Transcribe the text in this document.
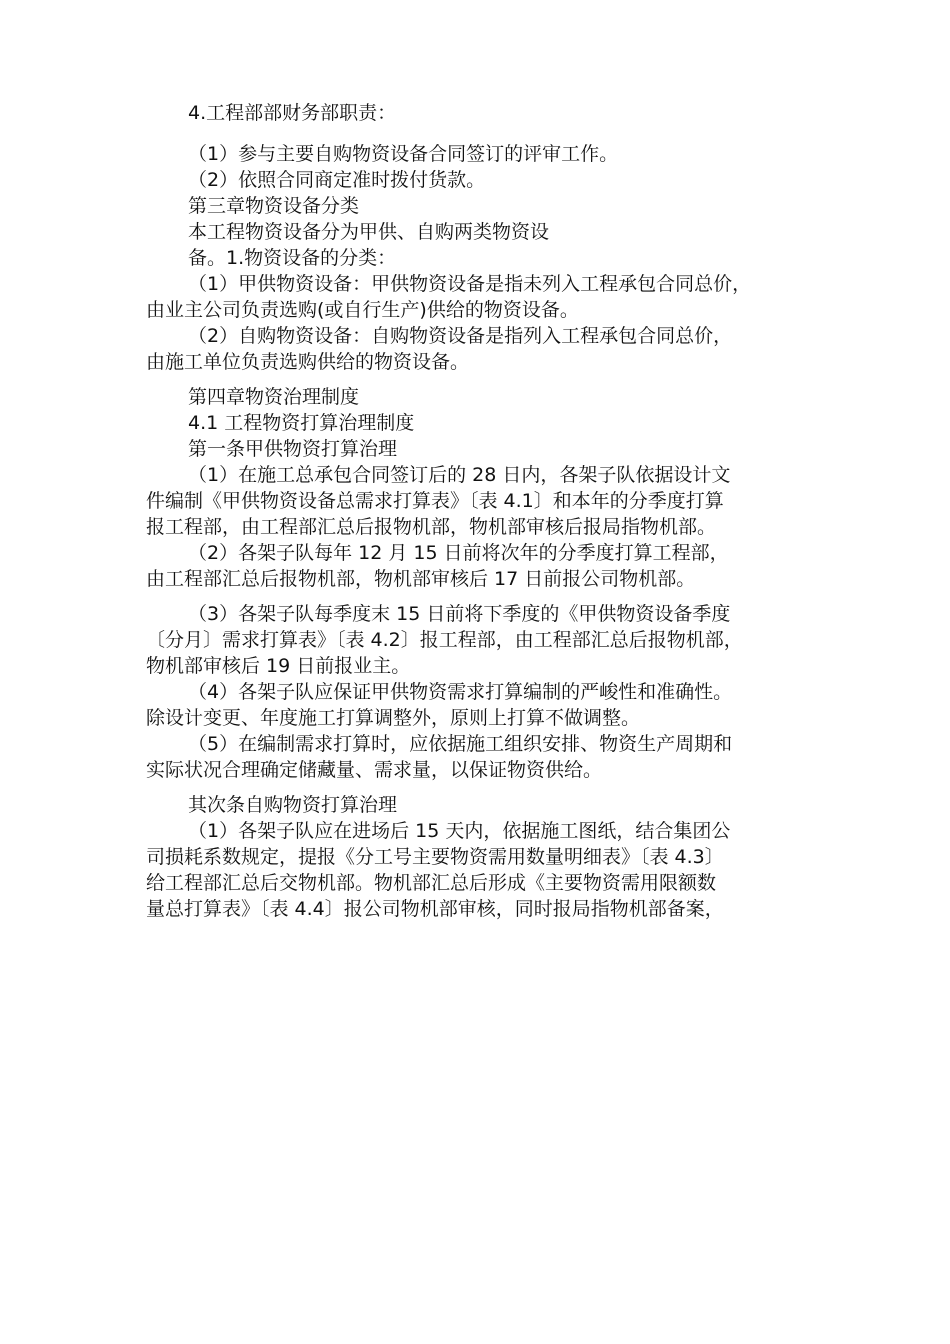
4.工程部部财务部职责：

（1）参与主要自购物资设备合同签订的评审工作。

（2）依照合同商定准时拨付货款。

第三章物资设备分类

本工程物资设备分为甲供、自购两类物资设

备。1.物资设备的分类：

（1）甲供物资设备：甲供物资设备是指未列入工程承包合同总价，

由业主公司负责选购(或自行生产)供给的物资设备。

（2）自购物资设备：自购物资设备是指列入工程承包合同总价，

由施工单位负责选购供给的物资设备。

第四章物资治理制度

4.1 工程物资打算治理制度

第一条甲供物资打算治理

（1）在施工总承包合同签订后的 28 日内，各架子队依据设计文

件编制《甲供物资设备总需求打算表》〔表 4.1〕和本年的分季度打算

报工程部，由工程部汇总后报物机部，物机部审核后报局指物机部。

（2）各架子队每年 12 月 15 日前将次年的分季度打算工程部，

由工程部汇总后报物机部，物机部审核后 17 日前报公司物机部。

（3）各架子队每季度末 15 日前将下季度的《甲供物资设备季度

〔分月〕需求打算表》〔表 4.2〕报工程部，由工程部汇总后报物机部，

物机部审核后 19 日前报业主。

（4）各架子队应保证甲供物资需求打算编制的严峻性和准确性。

除设计变更、年度施工打算调整外，原则上打算不做调整。

（5）在编制需求打算时，应依据施工组织安排、物资生产周期和

实际状况合理确定储藏量、需求量，以保证物资供给。

其次条自购物资打算治理

（1）各架子队应在进场后 15 天内，依据施工图纸，结合集团公

司损耗系数规定，提报《分工号主要物资需用数量明细表》〔表 4.3〕

给工程部汇总后交物机部。物机部汇总后形成《主要物资需用限额数

量总打算表》〔表 4.4〕报公司物机部审核，同时报局指物机部备案，
